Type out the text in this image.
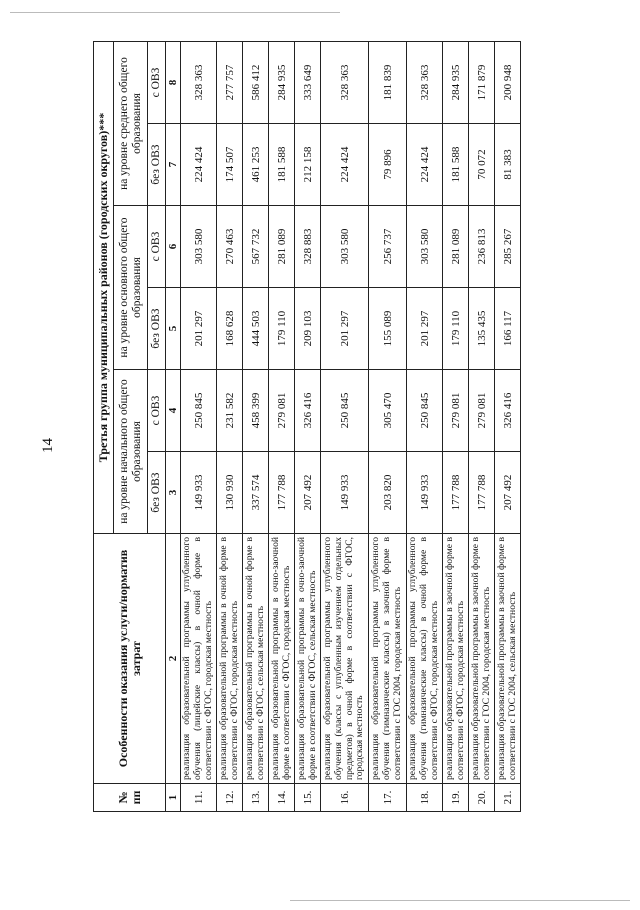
14
№ пп	Особенности оказания услуги/норматив затрат	Третья группа муниципальных районов (городских округов)***					
		на уровне начального общего образования		на уровне основного общего образования		на уровне среднего общего образования	
		без ОВЗ	с ОВЗ	без ОВЗ	с ОВЗ	без ОВЗ	с ОВЗ
1	2	3	4	5	6	7	8
11.	реализация образовательной программы углубленного обучения (лицейские классы) в очной форме в соответствии с ФГОС, городская местность	149 933	250 845	201 297	303 580	224 424	328 363
12.	реализация образовательной программы в очной форме в соответствии с ФГОС, городская местность	130 930	231 582	168 628	270 463	174 507	277 757
13.	реализация образовательной программы в очной форме в соответствии с ФГОС, сельская местность	337 574	458 399	444 503	567 732	461 253	586 412
14.	реализация образовательной программы в очно-заочной форме в соответствии с ФГОС, городская местность	177 788	279 081	179 110	281 089	181 588	284 935
15.	реализация образовательной программы в очно-заочной форме в соответствии с ФГОС, сельская местность	207 492	326 416	209 103	328 883	212 158	333 649
16.	реализация образовательной программы углубленного обучения (классы с углубленным изучением отдельных предметов) в очной форме в соответствии с ФГОС, городская местность	149 933	250 845	201 297	303 580	224 424	328 363
17.	реализация образовательной программы углубленного обучения (гимназические классы) в заочной форме в соответствии с ГОС 2004, городская местность	203 820	305 470	155 089	256 737	79 896	181 839
18.	реализация образовательной программы углубленного обучения (гимназические классы) в очной форме в соответствии с ФГОС, городская местность	149 933	250 845	201 297	303 580	224 424	328 363
19.	реализация образовательной программы в заочной форме в соответствии с ФГОС, городская местность	177 788	279 081	179 110	281 089	181 588	284 935
20.	реализация образовательной программы в заочной форме в соответствии с ГОС 2004, городская местность	177 788	279 081	135 435	236 813	70 072	171 879
21.	реализация образовательной программы в заочной форме в соответствии с ГОС 2004, сельская местность	207 492	326 416	166 117	285 267	81 383	200 948
